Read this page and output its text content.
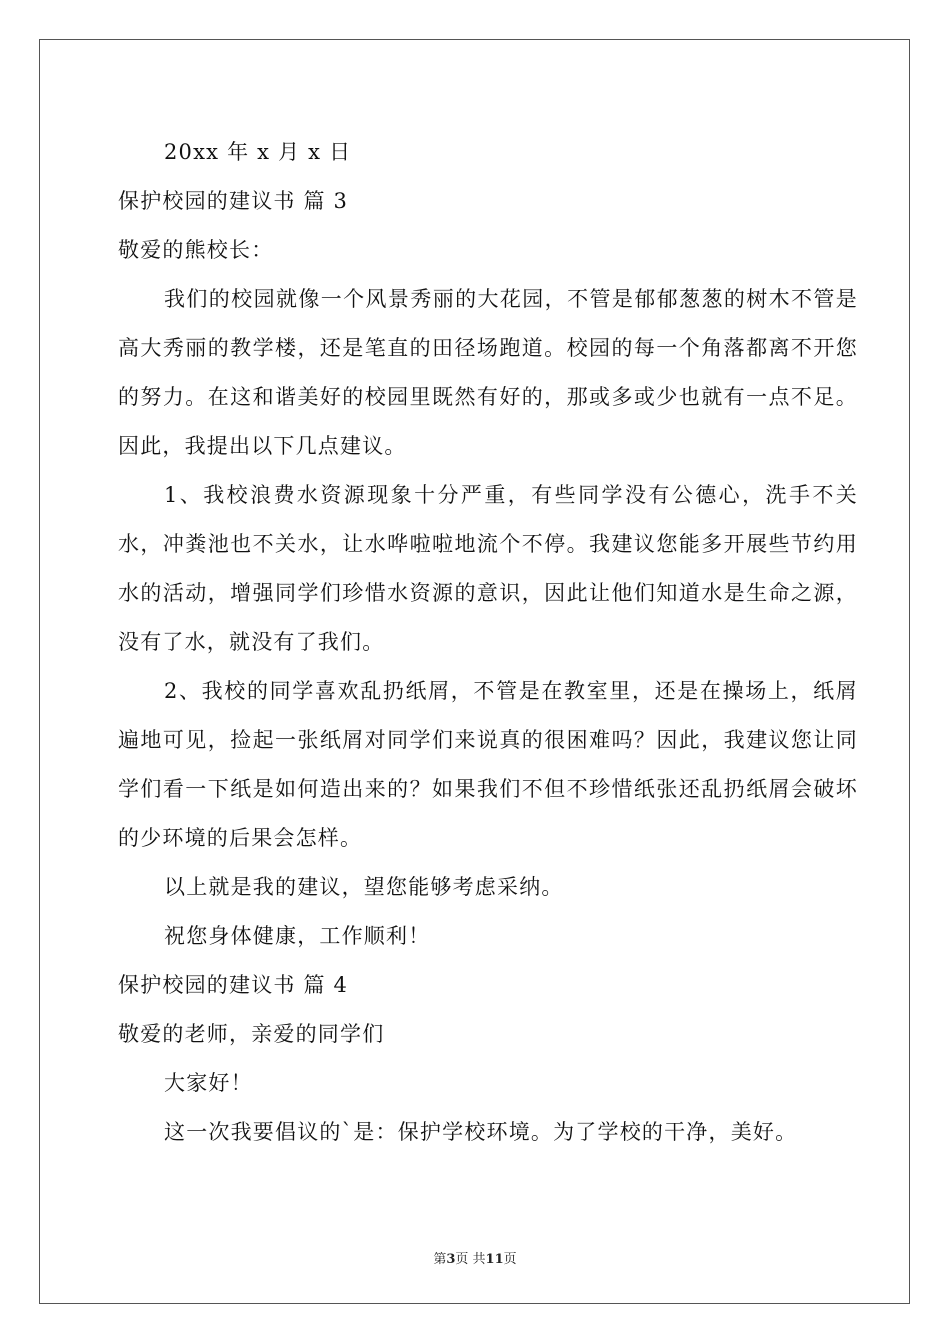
20xx 年 x 月 x 日
保护校园的建议书 篇 3
敬爱的熊校长：

我们的校园就像一个风景秀丽的大花园，不管是郁郁葱葱的树木不管是高大秀丽的教学楼，还是笔直的田径场跑道。校园的每一个角落都离不开您的努力。在这和谐美好的校园里既然有好的，那或多或少也就有一点不足。因此，我提出以下几点建议。

1、我校浪费水资源现象十分严重，有些同学没有公德心，洗手不关水，冲粪池也不关水，让水哗啦啦地流个不停。我建议您能多开展些节约用水的活动，增强同学们珍惜水资源的意识，因此让他们知道水是生命之源，没有了水，就没有了我们。

2、我校的同学喜欢乱扔纸屑，不管是在教室里，还是在操场上，纸屑遍地可见，捡起一张纸屑对同学们来说真的很困难吗？因此，我建议您让同学们看一下纸是如何造出来的？如果我们不但不珍惜纸张还乱扔纸屑会破坏的少环境的后果会怎样。

以上就是我的建议，望您能够考虑采纳。

祝您身体健康，工作顺利！

保护校园的建议书 篇 4
敬爱的老师，亲爱的同学们
大家好！

这一次我要倡议的`是：保护学校环境。为了学校的干净，美好。

第3页 共11页
